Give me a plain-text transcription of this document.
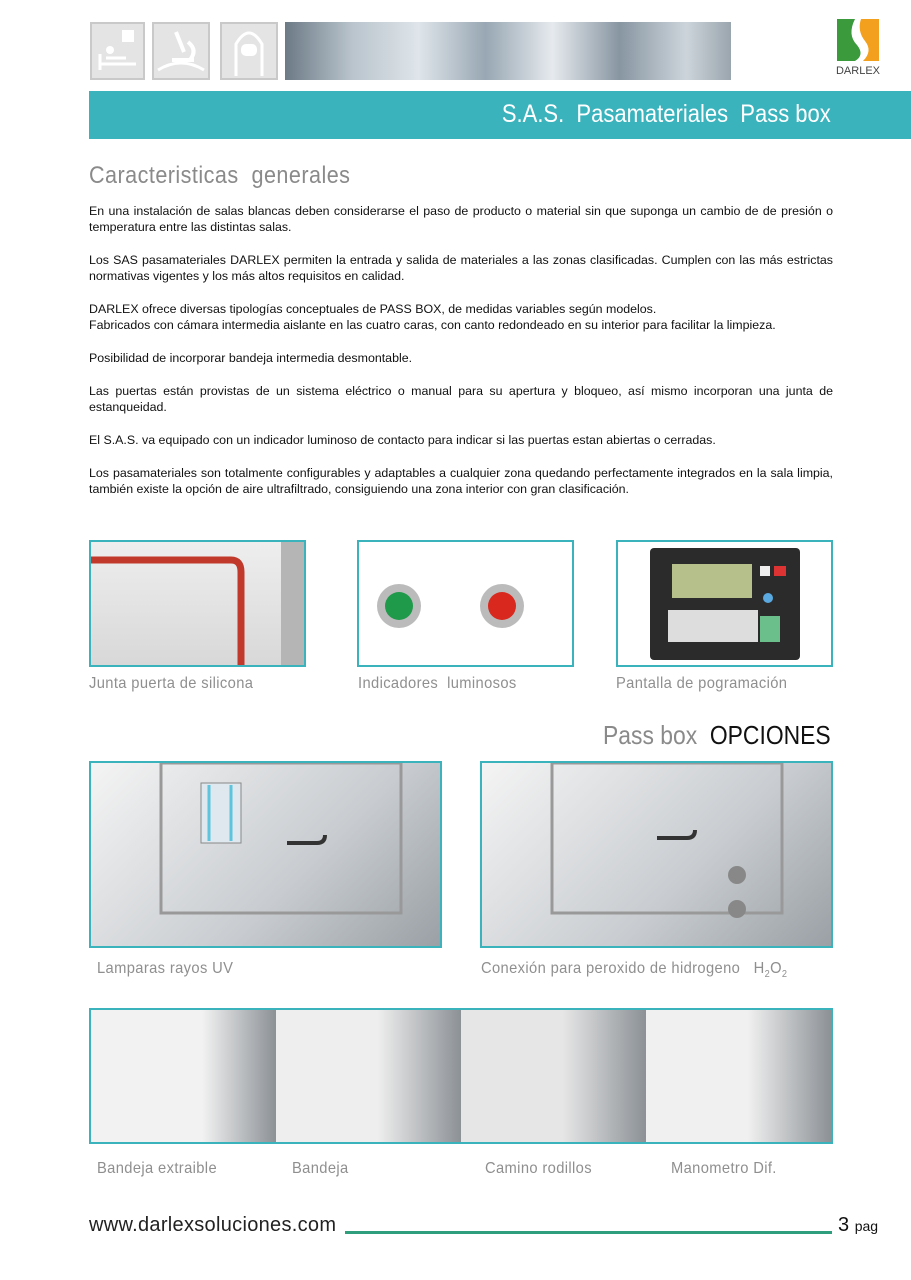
DARLEX
S.A.S.  Pasamateriales  Pass box
Caracteristicas  generales

En una instalación de salas blancas deben considerarse el paso de producto o material sin que suponga un cambio de de presión o temperatura entre las distintas salas.

Los SAS pasamateriales DARLEX permiten la entrada y salida de materiales a las zonas clasificadas. Cumplen con las más estrictas normativas vigentes y los más altos requisitos en calidad.

DARLEX ofrece diversas tipologías conceptuales de PASS BOX, de medidas variables según modelos.

Fabricados con cámara intermedia aislante en las cuatro caras, con canto redondeado en su interior para facilitar la limpieza.

Posibilidad de incorporar bandeja intermedia desmontable.

Las puertas están provistas de un sistema eléctrico o manual para su apertura y bloqueo, así mismo incorporan una junta de estanqueidad.

El S.A.S. va equipado con un indicador luminoso de contacto para indicar si las puertas estan abiertas o cerradas.

Los pasamateriales son totalmente configurables y adaptables a cualquier zona quedando perfectamente integrados en la sala limpia, también existe la opción de aire ultrafiltrado, consiguiendo una zona interior con gran clasificación.

Junta puerta de silicona	Indicadores  luminosos	Pantalla de pogramación
Pass box OPCIONES
Lamparas rayos UV	Conexión para peroxido de hidrogeno $H_2O_2$
Bandeja extraible	Bandeja	Camino rodillos	Manometro Dif.
www.darlexsoluciones.com	3 pag
